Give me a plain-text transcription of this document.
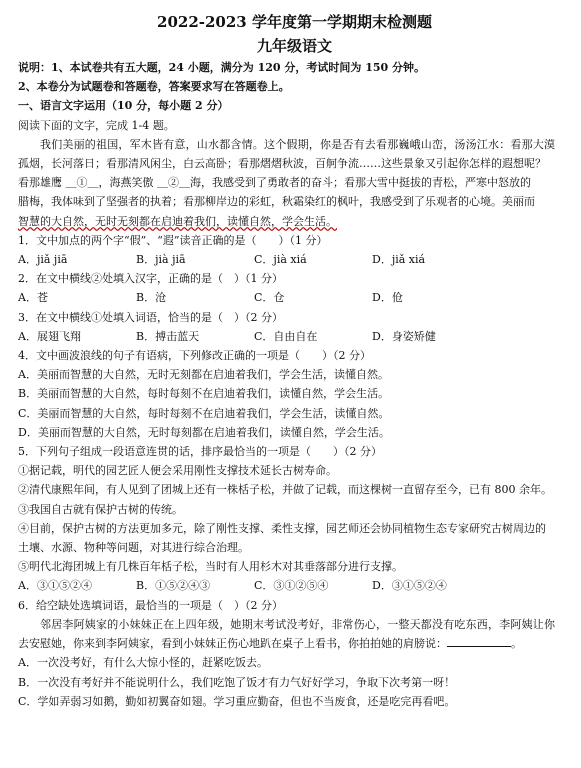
2022-2023 学年度第一学期期末检测题
九年级语文
说明：1、本试卷共有五大题，24 小题，满分为 120 分，考试时间为 150 分钟。
2、本卷分为试题卷和答题卷，答案要求写在答题卷上。
一、语言文字运用（10 分，每小题 2 分）
阅读下面的文字，完成 1-4 题。
我们美丽的祖国，军木皆有意，山水都含情。这个假期，你是否有去看那巍峨山峦，汤汤江水：看那大漠
孤烟，长河落日；看那清风闲尘，白云高卧；看那熠熠秋波，百舸争流……这些景象又引起你怎样的遐想呢？
看那雄鹰 ＿①＿，海燕笑傲 ＿②＿海，我感受到了勇敢者的奋斗；看那大雪中挺拔的青松，严寒中怒放的
腊梅，我体味到了坚强者的执着；看那柳岸边的彩虹，秋霜染红的枫叶，我感受到了乐观者的心境。美丽而
智慧的大自然，无时无刻都在启迪着我们，读懂自然，学会生活。
1．文中加点的两个字“假”、“遐”读音正确的是（　　）（1 分）
A．jiǎ jiā	B．jià jiā	C．jià xiá	D．jiǎ xiá
2．在文中横线②处填入汉字，正确的是（　）（1 分）
A．苍	B．沧	C．仓	D．伧
3．在文中横线①处填入词语，恰当的是（　）（2 分）
A．展翅飞翔	B．搏击蓝天	C．自由自在	D．身姿矫健
4．文中画波浪线的句子有语病，下列修改正确的一项是（　　）（2 分）
A．美丽而智慧的大自然，无时无刻都在启迪着我们，学会生活，读懂自然。
B．美丽而智慧的大自然，每时每刻不在启迪着我们，读懂自然，学会生活。
C．美丽而智慧的大自然，每时每刻不在启迪着我们，学会生活，读懂自然。
D．美丽而智慧的大自然，无时每刻都在启迪着我们，读懂自然，学会生活。
5．下列句子组成一段语意连贯的话，排序最恰当的一项是（　　）（2 分）
①据记载，明代的园艺匠人便会采用刚性支撑技术延长古树寿命。
②清代康熙年间，有人见到了团城上还有一株栝子松，并做了记载，而这棵树一直留存至今，已有 800 余年。
③我国自古就有保护古树的传统。
④目前，保护古树的方法更加多元，除了刚性支撑、柔性支撑，园艺师还会协同植物生态专家研究古树周边的
土壤、水源、物种等问题，对其进行综合治理。
⑤明代北海团城上有几株百年栝子松，当时有人用杉木对其垂落部分进行支撑。
A．③①⑤②④	B．①⑤②④③	C．③①②⑤④	D．③①⑤②④
6．给空缺处选填词语，最恰当的一项是（　）（2 分）
邻居李阿姨家的小妹妹正在上四年级，她期末考试没考好，非常伤心，一整天都没有吃东西，李阿姨让你
去安慰她，你来到李阿姨家，看到小妹妹正伤心地趴在桌子上看书，你拍拍她的肩膀说：	。
A．一次没考好，有什么大惊小怪的，赶紧吃饭去。
B．一次没有考好并不能说明什么，我们吃饱了饭才有力气好好学习，争取下次考第一呀！
C．学如弄弱习如鹅，勤如初翼奋如翅。学习重应勤奋，但也不当废食，还是吃完再看吧。
